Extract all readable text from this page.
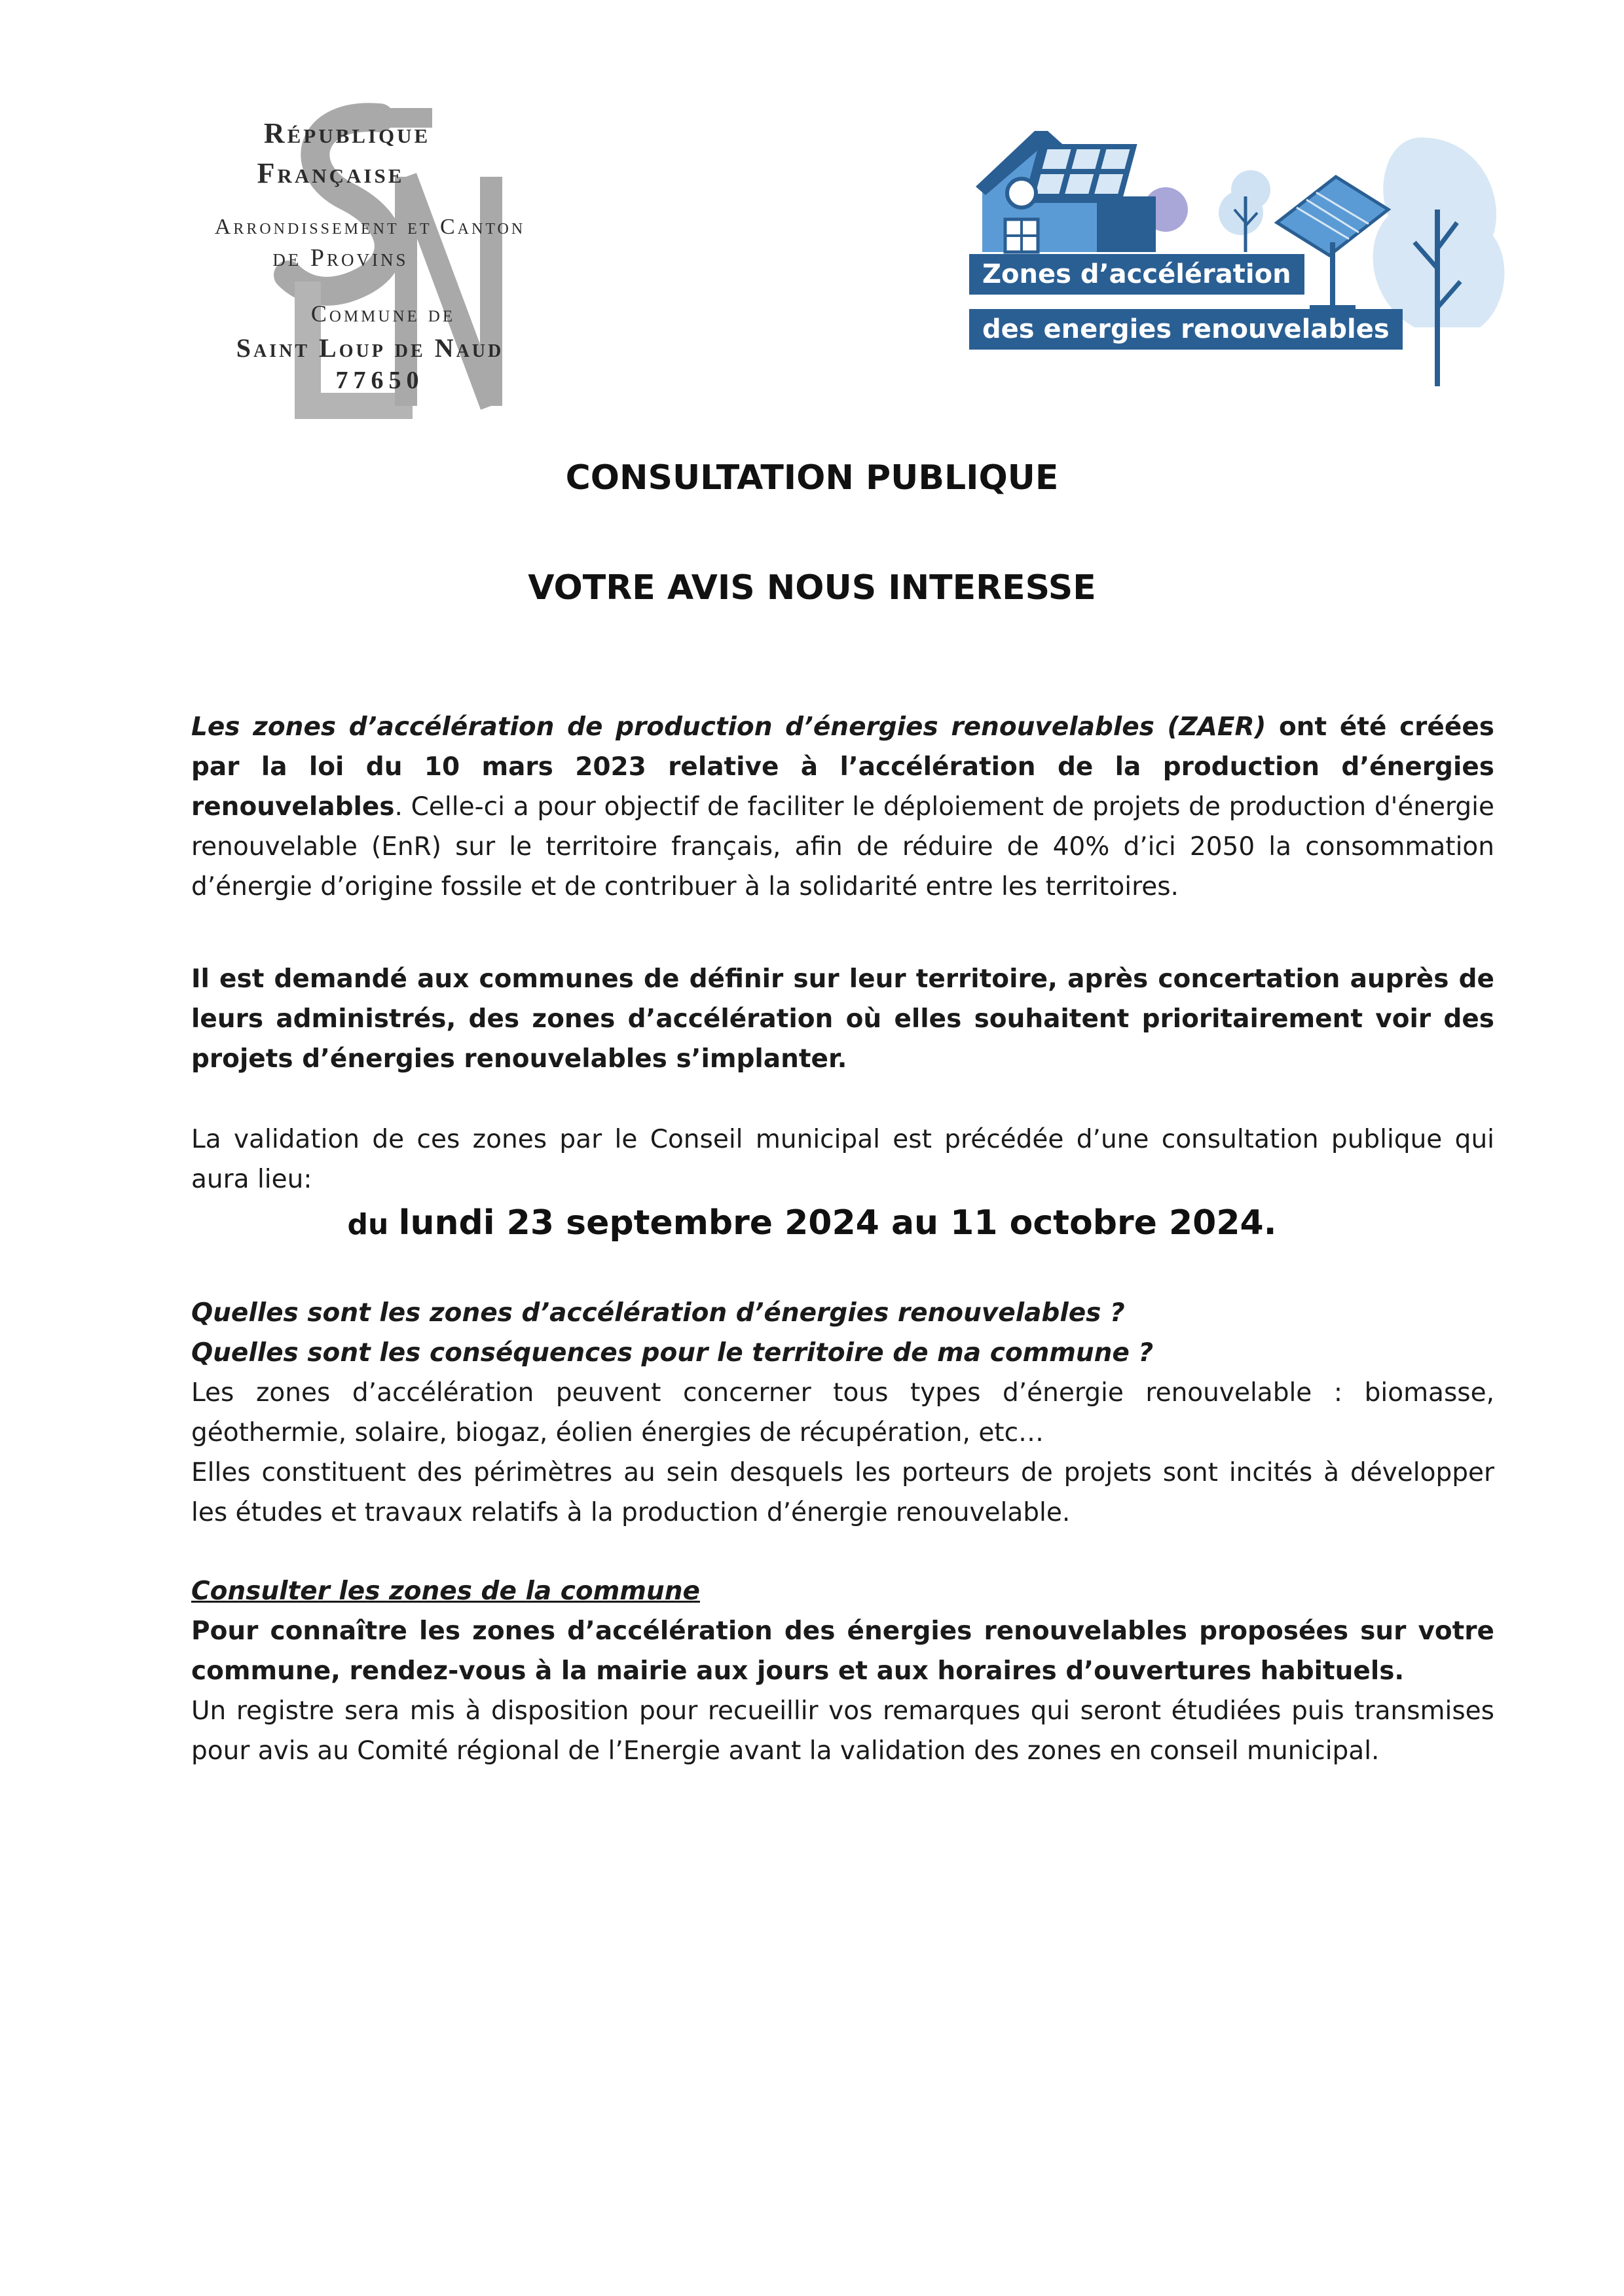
République
Française
Arrondissement et Canton
de Provins
Commune de
Saint Loup de Naud
77650
Zones d’accélération
des energies renouvelables
CONSULTATION PUBLIQUE
VOTRE AVIS NOUS INTERESSE

Les zones d’accélération de production d’énergies renouvelables (ZAER) ont été créées par la loi du 10 mars 2023 relative à l’accélération de la production d’énergies renouvelables. Celle-ci a pour objectif de faciliter le déploiement de projets de production d'énergie renouvelable (EnR) sur le territoire français, afin de réduire de 40% d’ici 2050 la consommation d’énergie d’origine fossile et de contribuer à la solidarité entre les territoires.

Il est demandé aux communes de définir sur leur territoire, après concertation auprès de leurs administrés, des zones d’accélération où elles souhaitent prioritairement voir des projets d’énergies renouvelables s’implanter.

La validation de ces zones par le Conseil municipal est précédée d’une consultation publique qui aura lieu:

du lundi 23 septembre 2024 au 11 octobre 2024.
Quelles sont les zones d’accélération d’énergies renouvelables ?
Quelles sont les conséquences pour le territoire de ma commune ?
Les zones d’accélération peuvent concerner tous types d’énergie renouvelable : biomasse, géothermie, solaire, biogaz, éolien énergies de récupération, etc…
Elles constituent des périmètres au sein desquels les porteurs de projets sont incités à développer les études et travaux relatifs à la production d’énergie renouvelable.
Consulter les zones de la commune
Pour connaître les zones d’accélération des énergies renouvelables proposées sur votre commune, rendez-vous à la mairie aux jours et aux horaires d’ouvertures habituels.
Un registre sera mis à disposition pour recueillir vos remarques qui seront étudiées puis transmises pour avis au Comité régional de l’Energie avant la validation des zones en conseil municipal.
